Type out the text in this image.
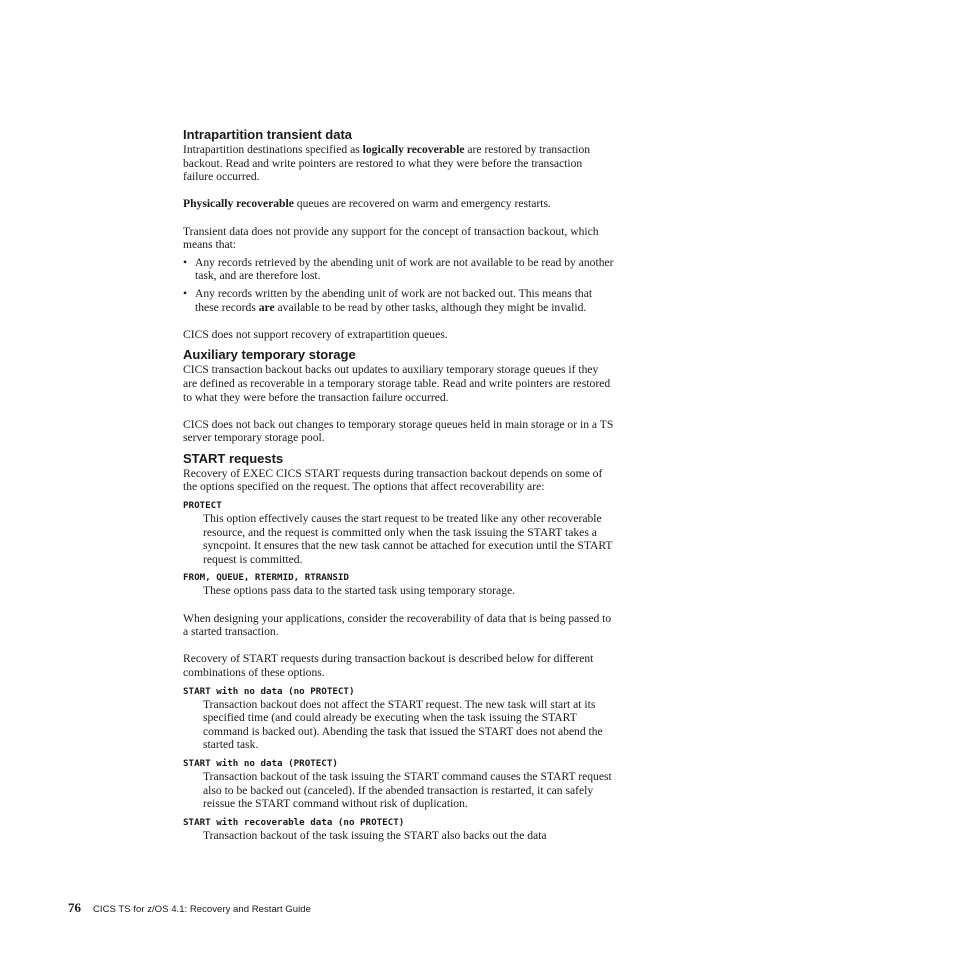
Intrapartition transient data

Intrapartition destinations specified as logically recoverable are restored by transaction backout. Read and write pointers are restored to what they were before the transaction failure occurred.

Physically recoverable queues are recovered on warm and emergency restarts.

Transient data does not provide any support for the concept of transaction backout, which means that:

• Any records retrieved by the abending unit of work are not available to be read by another task, and are therefore lost.
• Any records written by the abending unit of work are not backed out. This means that these records are available to be read by other tasks, although they might be invalid.

CICS does not support recovery of extrapartition queues.

Auxiliary temporary storage

CICS transaction backout backs out updates to auxiliary temporary storage queues if they are defined as recoverable in a temporary storage table. Read and write pointers are restored to what they were before the transaction failure occurred.

CICS does not back out changes to temporary storage queues held in main storage or in a TS server temporary storage pool.

START requests

Recovery of EXEC CICS START requests during transaction backout depends on some of the options specified on the request. The options that affect recoverability are:

PROTECT

This option effectively causes the start request to be treated like any other recoverable resource, and the request is committed only when the task issuing the START takes a syncpoint. It ensures that the new task cannot be attached for execution until the START request is committed.

FROM, QUEUE, RTERMID, RTRANSID

These options pass data to the started task using temporary storage.

When designing your applications, consider the recoverability of data that is being passed to a started transaction.

Recovery of START requests during transaction backout is described below for different combinations of these options.

START with no data (no PROTECT)

Transaction backout does not affect the START request. The new task will start at its specified time (and could already be executing when the task issuing the START command is backed out). Abending the task that issued the START does not abend the started task.

START with no data (PROTECT)

Transaction backout of the task issuing the START command causes the START request also to be backed out (canceled). If the abended transaction is restarted, it can safely reissue the START command without risk of duplication.

START with recoverable data (no PROTECT)

Transaction backout of the task issuing the START also backs out the data

76	CICS TS for z/OS 4.1: Recovery and Restart Guide
